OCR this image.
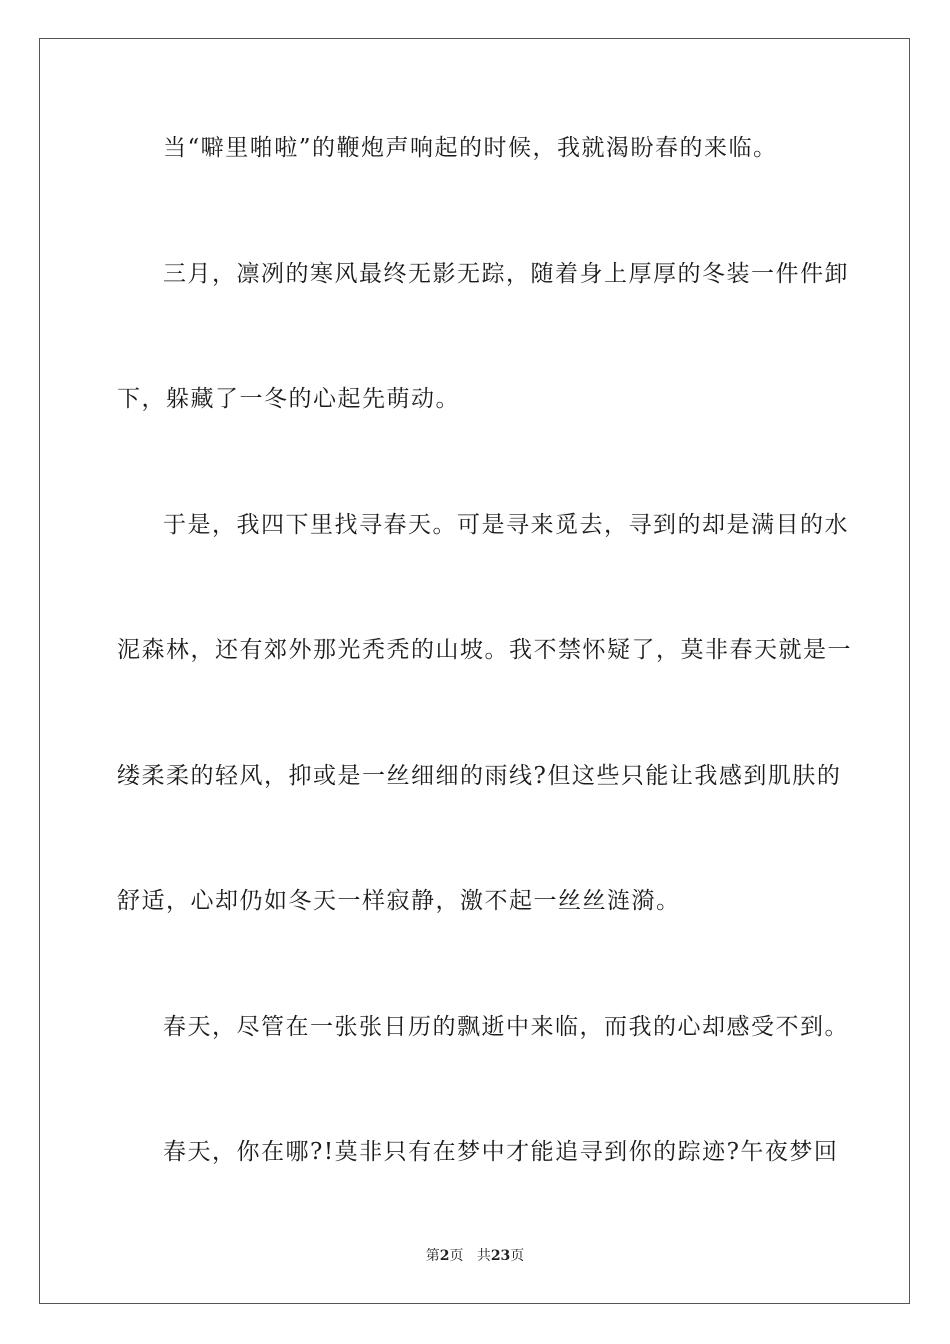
当“噼里啪啦”的鞭炮声响起的时候，我就渴盼春的来临。
三月，凛冽的寒风最终无影无踪，随着身上厚厚的冬装一件件卸
下，躲藏了一冬的心起先萌动。
于是，我四下里找寻春天。可是寻来觅去，寻到的却是满目的水
泥森林，还有郊外那光秃秃的山坡。我不禁怀疑了，莫非春天就是一
缕柔柔的轻风，抑或是一丝细细的雨线?但这些只能让我感到肌肤的
舒适，心却仍如冬天一样寂静，激不起一丝丝涟漪。
春天，尽管在一张张日历的飘逝中来临，而我的心却感受不到。
春天，你在哪?!莫非只有在梦中才能追寻到你的踪迹?午夜梦回
第2页 共23页
